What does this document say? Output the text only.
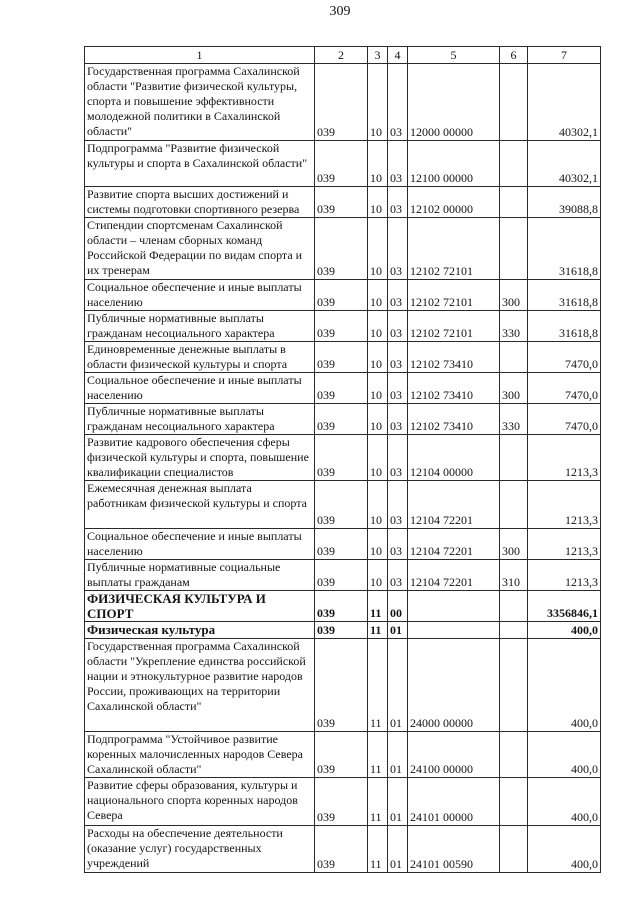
309
1	2	3	4	5	6	7
Государственная программа Сахалинской области "Развитие физической культуры, спорта и повышение эффективности молодежной политики в Сахалинской области"	039	10	03	12000 00000		40302,1
Подпрограмма "Развитие физической культуры и спорта в Сахалинской области"	039	10	03	12100 00000		40302,1
Развитие спорта высших достижений и системы подготовки спортивного резерва	039	10	03	12102 00000		39088,8
Стипендии спортсменам Сахалинской области – членам сборных команд Российской Федерации по видам спорта и их тренерам	039	10	03	12102 72101		31618,8
Социальное обеспечение и иные выплаты населению	039	10	03	12102 72101	300	31618,8
Публичные нормативные выплаты гражданам несоциального характера	039	10	03	12102 72101	330	31618,8
Единовременные денежные выплаты в области физической культуры и спорта	039	10	03	12102 73410		7470,0
Социальное обеспечение и иные выплаты населению	039	10	03	12102 73410	300	7470,0
Публичные нормативные выплаты гражданам несоциального характера	039	10	03	12102 73410	330	7470,0
Развитие кадрового обеспечения сферы физической культуры и спорта, повышение квалификации специалистов	039	10	03	12104 00000		1213,3
Ежемесячная денежная выплата работникам физической культуры и спорта	039	10	03	12104 72201		1213,3
Социальное обеспечение и иные выплаты населению	039	10	03	12104 72201	300	1213,3
Публичные нормативные социальные выплаты гражданам	039	10	03	12104 72201	310	1213,3
ФИЗИЧЕСКАЯ КУЛЬТУРА И СПОРТ	039	11	00			3356846,1
Физическая культура	039	11	01			400,0
Государственная программа Сахалинской области "Укрепление единства российской нации и этнокультурное развитие народов России, проживающих на территории Сахалинской области"	039	11	01	24000 00000		400,0
Подпрограмма "Устойчивое развитие коренных малочисленных народов Севера Сахалинской области"	039	11	01	24100 00000		400,0
Развитие сферы образования, культуры и национального спорта коренных народов Севера	039	11	01	24101 00000		400,0
Расходы на обеспечение деятельности (оказание услуг) государственных учреждений	039	11	01	24101 00590		400,0
